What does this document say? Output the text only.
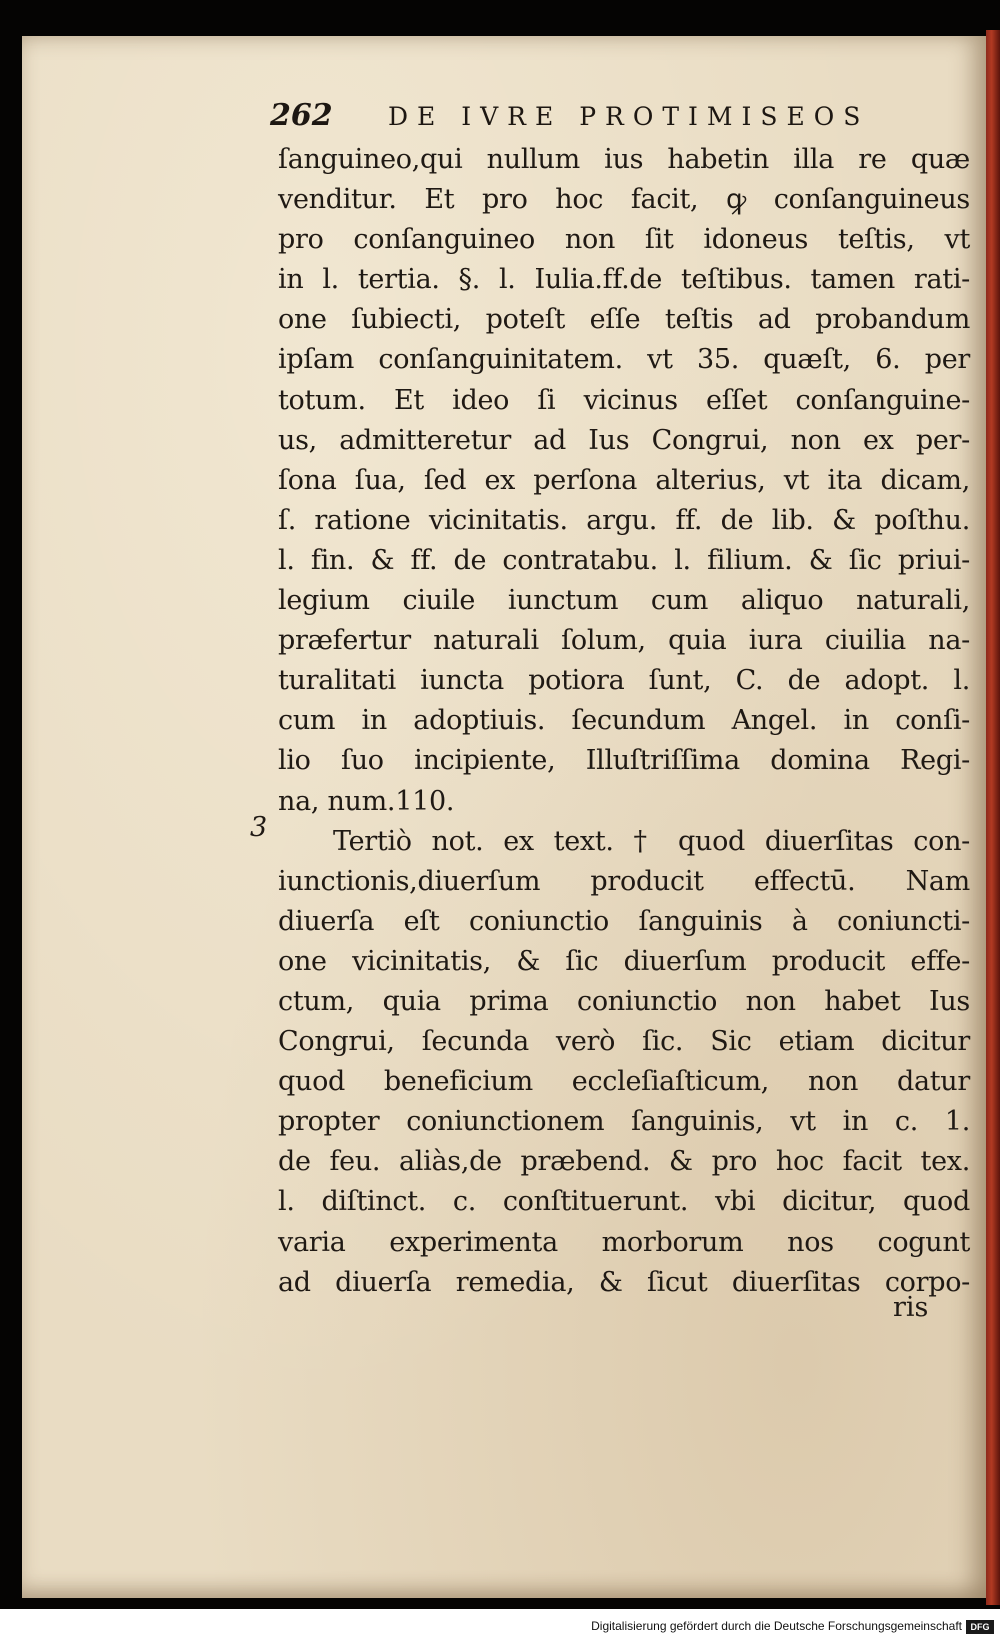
262 DE IVRE PROTIMISEOS
3
ſanguineo,qui nullum ius habetin illa re quæ
venditur. Et pro hoc facit, ꝙ conſanguineus
pro conſanguineo non ſit idoneus teſtis, vt
in l. tertia. §. l. Iulia.ff.de teſtibus. tamen rati-
one ſubiecti, poteſt eſſe teſtis ad probandum
ipſam conſanguinitatem. vt 35. quæſt, 6. per
totum. Et ideo ſi vicinus eſſet conſanguine-
us, admitteretur ad Ius Congrui, non ex per-
ſona ſua, ſed ex perſona alterius, vt ita dicam,
ſ. ratione vicinitatis. argu. ff. de lib. & poſthu.
l. fin. & ff. de contratabu. l. filium. & ſic priui-
legium ciuile iunctum cum aliquo naturali,
præfertur naturali ſolum, quia iura ciuilia na-
turalitati iuncta potiora ſunt, C. de adopt. l.
cum in adoptiuis. ſecundum Angel. in conſi-
lio ſuo incipiente, Illuſtriſſima domina Regi-
na, num.110.
Tertiò not. ex text. † quod diuerſitas con-
iunctionis,diuerſum producit effectū. Nam
diuerſa eſt coniunctio ſanguinis à coniuncti-
one vicinitatis, & ſic diuerſum producit effe-
ctum, quia prima coniunctio non habet Ius
Congrui, ſecunda verò ſic. Sic etiam dicitur
quod beneficium eccleſiaſticum, non datur
propter coniunctionem ſanguinis, vt in c. 1.
de feu. aliàs,de præbend. & pro hoc facit tex.
l. diſtinct. c. conſtituerunt. vbi dicitur, quod
varia experimenta morborum nos cogunt
ad diuerſa remedia, & ſicut diuerſitas corpo-
ris
Digitalisierung gefördert durch die Deutsche Forschungsgemeinschaft DFG
